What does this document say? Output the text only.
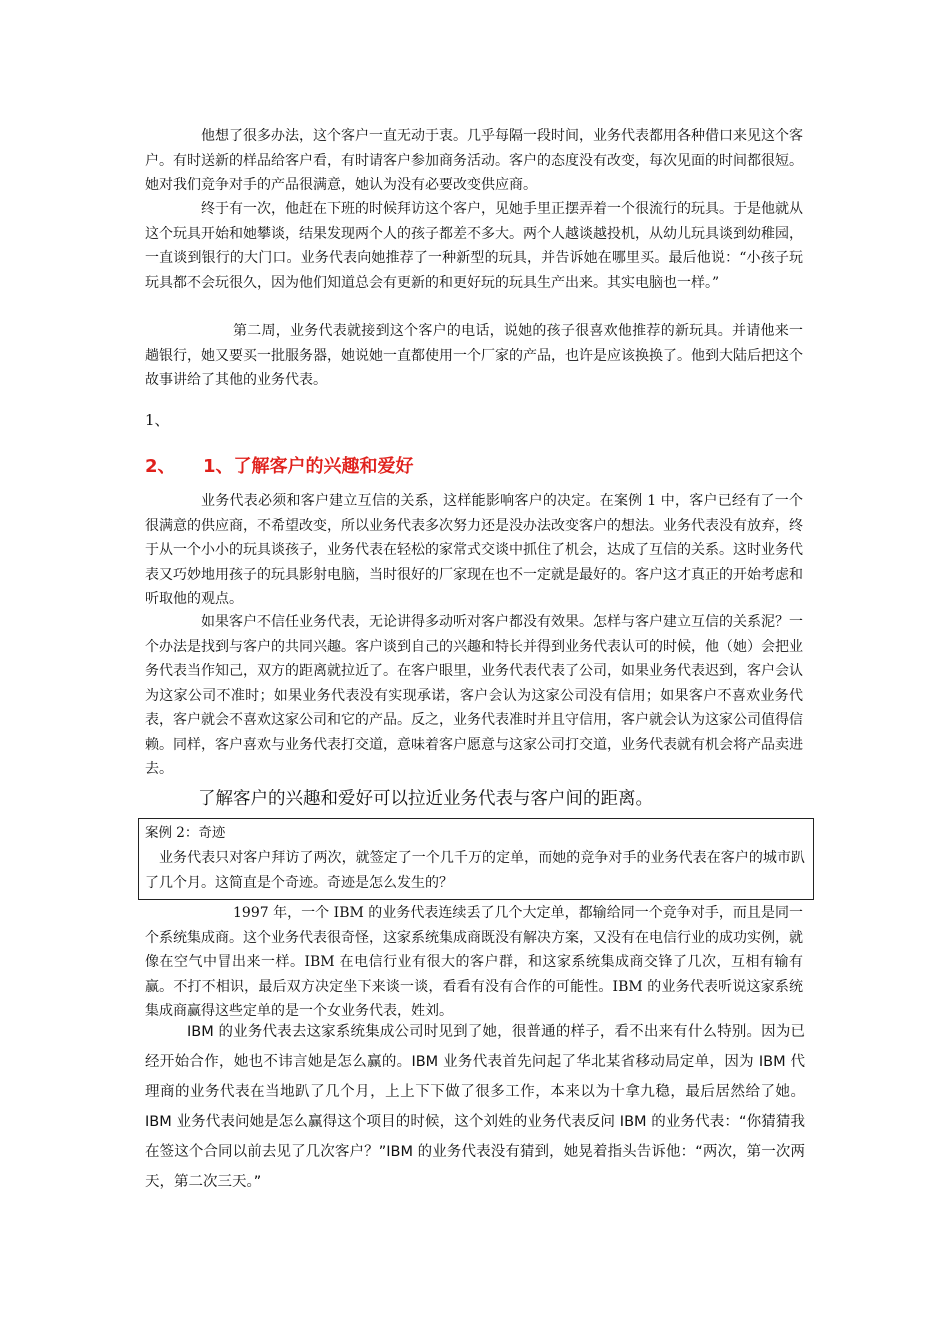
他想了很多办法，这个客户一直无动于衷。几乎每隔一段时间，业务代表都用各种借口来见这个客户。有时送新的样品给客户看，有时请客户参加商务活动。客户的态度没有改变，每次见面的时间都很短。她对我们竞争对手的产品很满意，她认为没有必要改变供应商。

终于有一次，他赶在下班的时候拜访这个客户，见她手里正摆弄着一个很流行的玩具。于是他就从这个玩具开始和她攀谈，结果发现两个人的孩子都差不多大。两个人越谈越投机，从幼儿玩具谈到幼稚园，一直谈到银行的大门口。业务代表向她推荐了一种新型的玩具，并告诉她在哪里买。最后他说：“小孩子玩玩具都不会玩很久，因为他们知道总会有更新的和更好玩的玩具生产出来。其实电脑也一样。”

第二周，业务代表就接到这个客户的电话，说她的孩子很喜欢他推荐的新玩具。并请他来一趟银行，她又要买一批服务器，她说她一直都使用一个厂家的产品，也许是应该换换了。他到大陆后把这个故事讲给了其他的业务代表。

1、
2、 1、了解客户的兴趣和爱好

业务代表必须和客户建立互信的关系，这样能影响客户的决定。在案例 1 中，客户已经有了一个很满意的供应商，不希望改变，所以业务代表多次努力还是没办法改变客户的想法。业务代表没有放弃，终于从一个小小的玩具谈孩子，业务代表在轻松的家常式交谈中抓住了机会，达成了互信的关系。这时业务代表又巧妙地用孩子的玩具影射电脑，当时很好的厂家现在也不一定就是最好的。客户这才真正的开始考虑和听取他的观点。

如果客户不信任业务代表，无论讲得多动听对客户都没有效果。怎样与客户建立互信的关系泥？一个办法是找到与客户的共同兴趣。客户谈到自己的兴趣和特长并得到业务代表认可的时候，他（她）会把业务代表当作知己，双方的距离就拉近了。在客户眼里，业务代表代表了公司，如果业务代表迟到，客户会认为这家公司不准时；如果业务代表没有实现承诺，客户会认为这家公司没有信用；如果客户不喜欢业务代表，客户就会不喜欢这家公司和它的产品。反之，业务代表准时并且守信用，客户就会认为这家公司值得信赖。同样，客户喜欢与业务代表打交道，意味着客户愿意与这家公司打交道，业务代表就有机会将产品卖进去。

了解客户的兴趣和爱好可以拉近业务代表与客户间的距离。
案例 2：奇迹

业务代表只对客户拜访了两次，就签定了一个几千万的定单，而她的竞争对手的业务代表在客户的城市趴了几个月。这简直是个奇迹。奇迹是怎么发生的？

1997 年，一个 IBM 的业务代表连续丢了几个大定单，都输给同一个竞争对手，而且是同一个系统集成商。这个业务代表很奇怪，这家系统集成商既没有解决方案，又没有在电信行业的成功实例，就像在空气中冒出来一样。IBM 在电信行业有很大的客户群，和这家系统集成商交锋了几次，互相有输有赢。不打不相识，最后双方决定坐下来谈一谈，看看有没有合作的可能性。IBM 的业务代表听说这家系统集成商赢得这些定单的是一个女业务代表，姓刘。

IBM 的业务代表去这家系统集成公司时见到了她，很普通的样子，看不出来有什么特别。因为已经开始合作，她也不讳言她是怎么赢的。IBM 业务代表首先问起了华北某省移动局定单，因为 IBM 代理商的业务代表在当地趴了几个月，上上下下做了很多工作，本来以为十拿九稳，最后居然给了她。IBM 业务代表问她是怎么赢得这个项目的时候，这个刘姓的业务代表反问 IBM 的业务代表：“你猜猜我在签这个合同以前去见了几次客户？”IBM 的业务代表没有猜到，她晃着指头告诉他：“两次，第一次两天，第二次三天。”
